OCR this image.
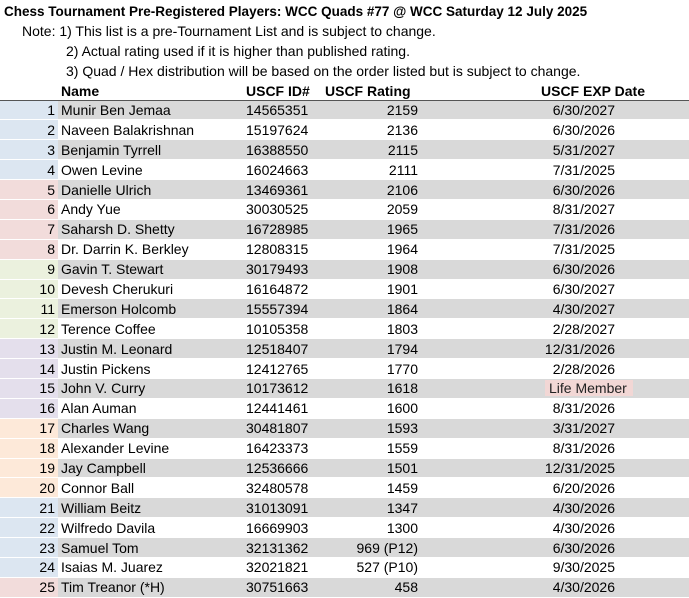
Chess Tournament Pre-Registered Players: WCC Quads #77 @ WCC Saturday 12 July 2025
Note: 1) This list is a pre-Tournament List and is subject to change.
2) Actual rating used if it is higher than published rating.
3) Quad / Hex distribution will be based on the order listed but is subject to change.
	Name	USCF ID#	USCF Rating	USCF EXP Date
1	Munir Ben Jemaa	14565351	2159	6/30/2027
2	Naveen Balakrishnan	15197624	2136	6/30/2026
3	Benjamin Tyrrell	16388550	2115	5/31/2027
4	Owen Levine	16024663	2111	7/31/2025
5	Danielle Ulrich	13469361	2106	6/30/2026
6	Andy Yue	30030525	2059	8/31/2027
7	Saharsh D. Shetty	16728985	1965	7/31/2026
8	Dr. Darrin K. Berkley	12808315	1964	7/31/2025
9	Gavin T. Stewart	30179493	1908	6/30/2026
10	Devesh Cherukuri	16164872	1901	6/30/2027
11	Emerson Holcomb	15557394	1864	4/30/2027
12	Terence Coffee	10105358	1803	2/28/2027
13	Justin M. Leonard	12518407	1794	12/31/2026
14	Justin Pickens	12412765	1770	2/28/2026
15	John V. Curry	10173612	1618	Life Member
16	Alan Auman	12441461	1600	8/31/2026
17	Charles Wang	30481807	1593	3/31/2027
18	Alexander Levine	16423373	1559	8/31/2026
19	Jay Campbell	12536666	1501	12/31/2025
20	Connor Ball	32480578	1459	6/20/2026
21	William Beitz	31013091	1347	4/30/2026
22	Wilfredo Davila	16669903	1300	4/30/2026
23	Samuel Tom	32131362	969 (P12)	6/30/2026
24	Isaias M. Juarez	32021821	527 (P10)	9/30/2025
25	Tim Treanor (*H)	30751663	458	4/30/2026
